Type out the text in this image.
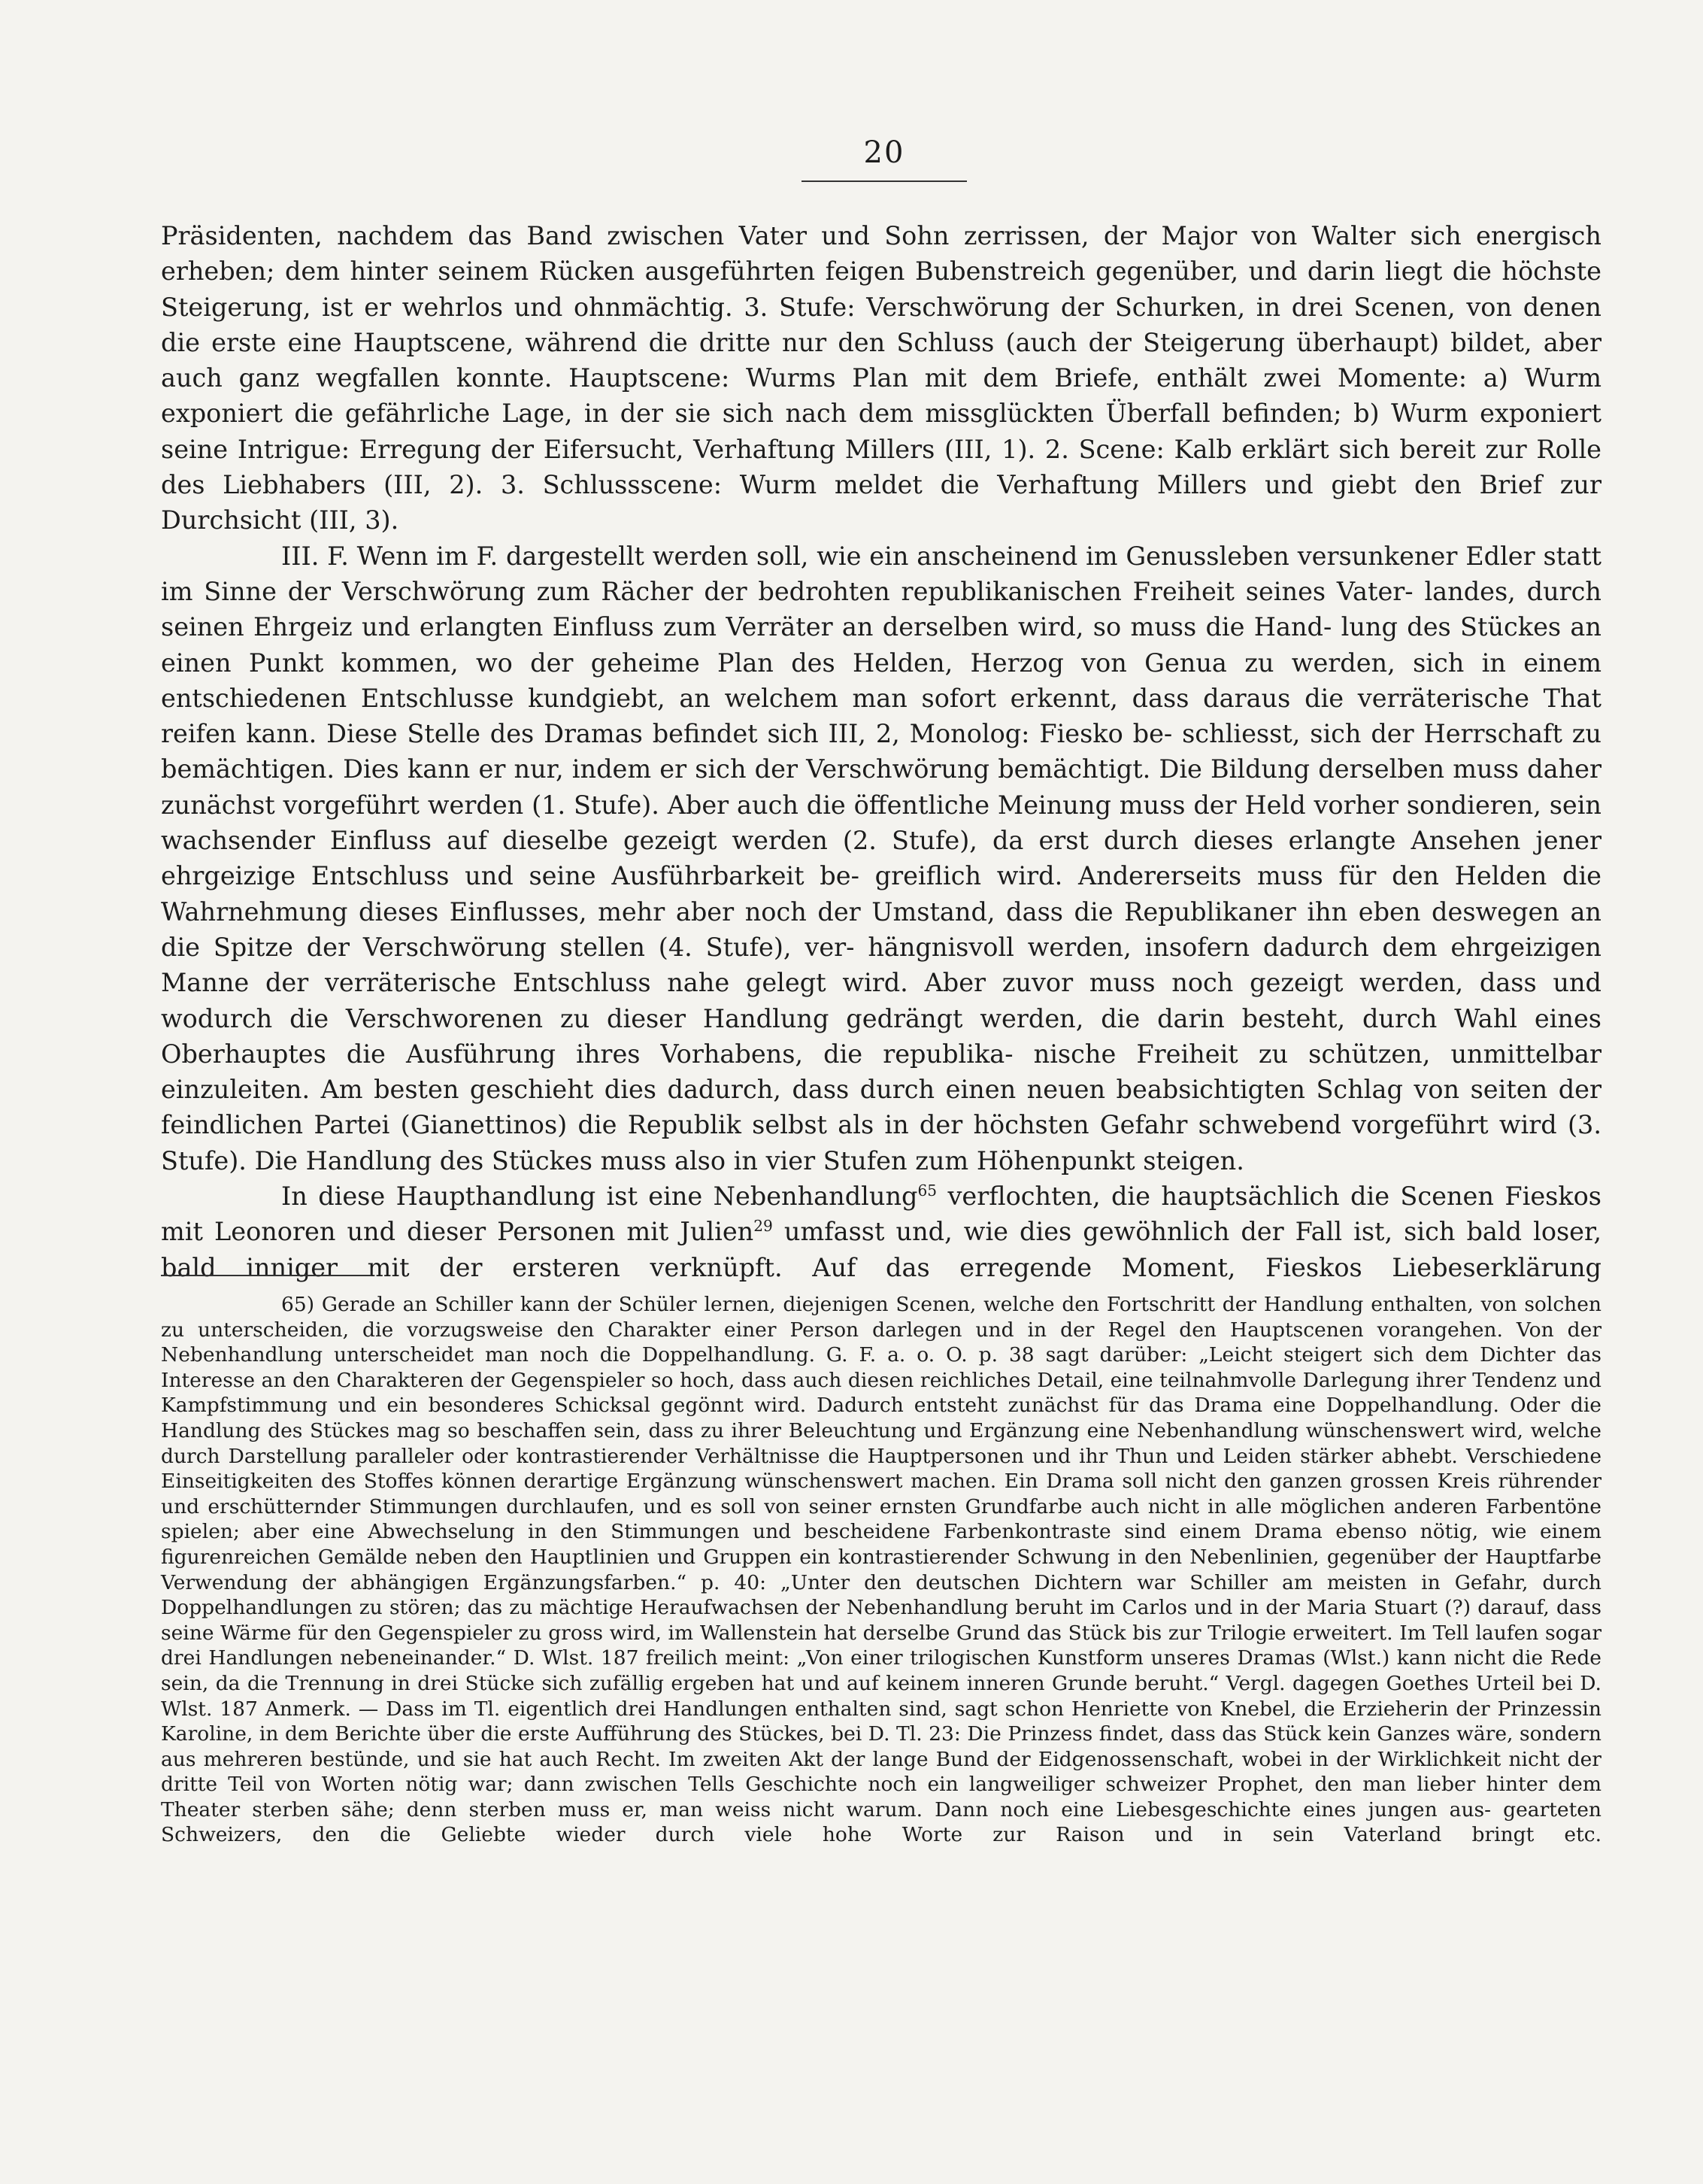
20

Präsidenten, nachdem das Band zwischen Vater und Sohn zerrissen, der Major von Walter sich energisch erheben; dem hinter seinem Rücken ausgeführten feigen Bubenstreich gegenüber, und darin liegt die höchste Steigerung, ist er wehrlos und ohnmächtig. 3. Stufe: Verschwörung der Schurken, in drei Scenen, von denen die erste eine Hauptscene, während die dritte nur den Schluss (auch der Steigerung überhaupt) bildet, aber auch ganz wegfallen konnte. Hauptscene: Wurms Plan mit dem Briefe, enthält zwei Momente: a) Wurm exponiert die gefährliche Lage, in der sie sich nach dem missglückten Überfall befinden; b) Wurm exponiert seine Intrigue: Erregung der Eifersucht, Verhaftung Millers (III, 1). 2. Scene: Kalb erklärt sich bereit zur Rolle des Liebhabers (III, 2). 3. Schlussscene: Wurm meldet die Verhaftung Millers und giebt den Brief zur Durchsicht (III, 3).

III. F. Wenn im F. dargestellt werden soll, wie ein anscheinend im Genussleben versunkener Edler statt im Sinne der Verschwörung zum Rächer der bedrohten republikanischen Freiheit seines Vater- landes, durch seinen Ehrgeiz und erlangten Einfluss zum Verräter an derselben wird, so muss die Hand- lung des Stückes an einen Punkt kommen, wo der geheime Plan des Helden, Herzog von Genua zu werden, sich in einem entschiedenen Entschlusse kundgiebt, an welchem man sofort erkennt, dass daraus die verräterische That reifen kann. Diese Stelle des Dramas befindet sich III, 2, Monolog: Fiesko be- schliesst, sich der Herrschaft zu bemächtigen. Dies kann er nur, indem er sich der Verschwörung bemächtigt. Die Bildung derselben muss daher zunächst vorgeführt werden (1. Stufe). Aber auch die öffentliche Meinung muss der Held vorher sondieren, sein wachsender Einfluss auf dieselbe gezeigt werden (2. Stufe), da erst durch dieses erlangte Ansehen jener ehrgeizige Entschluss und seine Ausführbarkeit be- greiflich wird. Andererseits muss für den Helden die Wahrnehmung dieses Einflusses, mehr aber noch der Umstand, dass die Republikaner ihn eben deswegen an die Spitze der Verschwörung stellen (4. Stufe), ver- hängnisvoll werden, insofern dadurch dem ehrgeizigen Manne der verräterische Entschluss nahe gelegt wird. Aber zuvor muss noch gezeigt werden, dass und wodurch die Verschworenen zu dieser Handlung gedrängt werden, die darin besteht, durch Wahl eines Oberhauptes die Ausführung ihres Vorhabens, die republika- nische Freiheit zu schützen, unmittelbar einzuleiten. Am besten geschieht dies dadurch, dass durch einen neuen beabsichtigten Schlag von seiten der feindlichen Partei (Gianettinos) die Republik selbst als in der höchsten Gefahr schwebend vorgeführt wird (3. Stufe). Die Handlung des Stückes muss also in vier Stufen zum Höhenpunkt steigen.

In diese Haupthandlung ist eine Nebenhandlung$^{65}$ verflochten, die hauptsächlich die Scenen Fieskos mit Leonoren und dieser Personen mit Julien$^{29}$ umfasst und, wie dies gewöhnlich der Fall ist, sich bald loser, bald inniger mit der ersteren verknüpft. Auf das erregende Moment, Fieskos Liebeserklärung

65) Gerade an Schiller kann der Schüler lernen, diejenigen Scenen, welche den Fortschritt der Handlung enthalten, von solchen zu unterscheiden, die vorzugsweise den Charakter einer Person darlegen und in der Regel den Hauptscenen vorangehen. Von der Nebenhandlung unterscheidet man noch die Doppelhandlung. G. F. a. o. O. p. 38 sagt darüber: „Leicht steigert sich dem Dichter das Interesse an den Charakteren der Gegenspieler so hoch, dass auch diesen reichliches Detail, eine teilnahmvolle Darlegung ihrer Tendenz und Kampfstimmung und ein besonderes Schicksal gegönnt wird. Dadurch entsteht zunächst für das Drama eine Doppelhandlung. Oder die Handlung des Stückes mag so beschaffen sein, dass zu ihrer Beleuchtung und Ergänzung eine Nebenhandlung wünschenswert wird, welche durch Darstellung paralleler oder kontrastierender Verhältnisse die Hauptpersonen und ihr Thun und Leiden stärker abhebt. Verschiedene Einseitigkeiten des Stoffes können derartige Ergänzung wünschenswert machen. Ein Drama soll nicht den ganzen grossen Kreis rührender und erschütternder Stimmungen durchlaufen, und es soll von seiner ernsten Grundfarbe auch nicht in alle möglichen anderen Farbentöne spielen; aber eine Abwechselung in den Stimmungen und bescheidene Farbenkontraste sind einem Drama ebenso nötig, wie einem figurenreichen Gemälde neben den Hauptlinien und Gruppen ein kontrastierender Schwung in den Nebenlinien, gegenüber der Hauptfarbe Verwendung der abhängigen Ergänzungsfarben.“ p. 40: „Unter den deutschen Dichtern war Schiller am meisten in Gefahr, durch Doppelhandlungen zu stören; das zu mächtige Heraufwachsen der Nebenhandlung beruht im Carlos und in der Maria Stuart (?) darauf, dass seine Wärme für den Gegenspieler zu gross wird, im Wallenstein hat derselbe Grund das Stück bis zur Trilogie erweitert. Im Tell laufen sogar drei Handlungen nebeneinander.“ D. Wlst. 187 freilich meint: „Von einer trilogischen Kunstform unseres Dramas (Wlst.) kann nicht die Rede sein, da die Trennung in drei Stücke sich zufällig ergeben hat und auf keinem inneren Grunde beruht.“ Vergl. dagegen Goethes Urteil bei D. Wlst. 187 Anmerk. — Dass im Tl. eigentlich drei Handlungen enthalten sind, sagt schon Henriette von Knebel, die Erzieherin der Prinzessin Karoline, in dem Berichte über die erste Aufführung des Stückes, bei D. Tl. 23: Die Prinzess findet, dass das Stück kein Ganzes wäre, sondern aus mehreren bestünde, und sie hat auch Recht. Im zweiten Akt der lange Bund der Eidgenossenschaft, wobei in der Wirklichkeit nicht der dritte Teil von Worten nötig war; dann zwischen Tells Geschichte noch ein langweiliger schweizer Prophet, den man lieber hinter dem Theater sterben sähe; denn sterben muss er, man weiss nicht warum. Dann noch eine Liebesgeschichte eines jungen aus- gearteten Schweizers, den die Geliebte wieder durch viele hohe Worte zur Raison und in sein Vaterland bringt etc.
